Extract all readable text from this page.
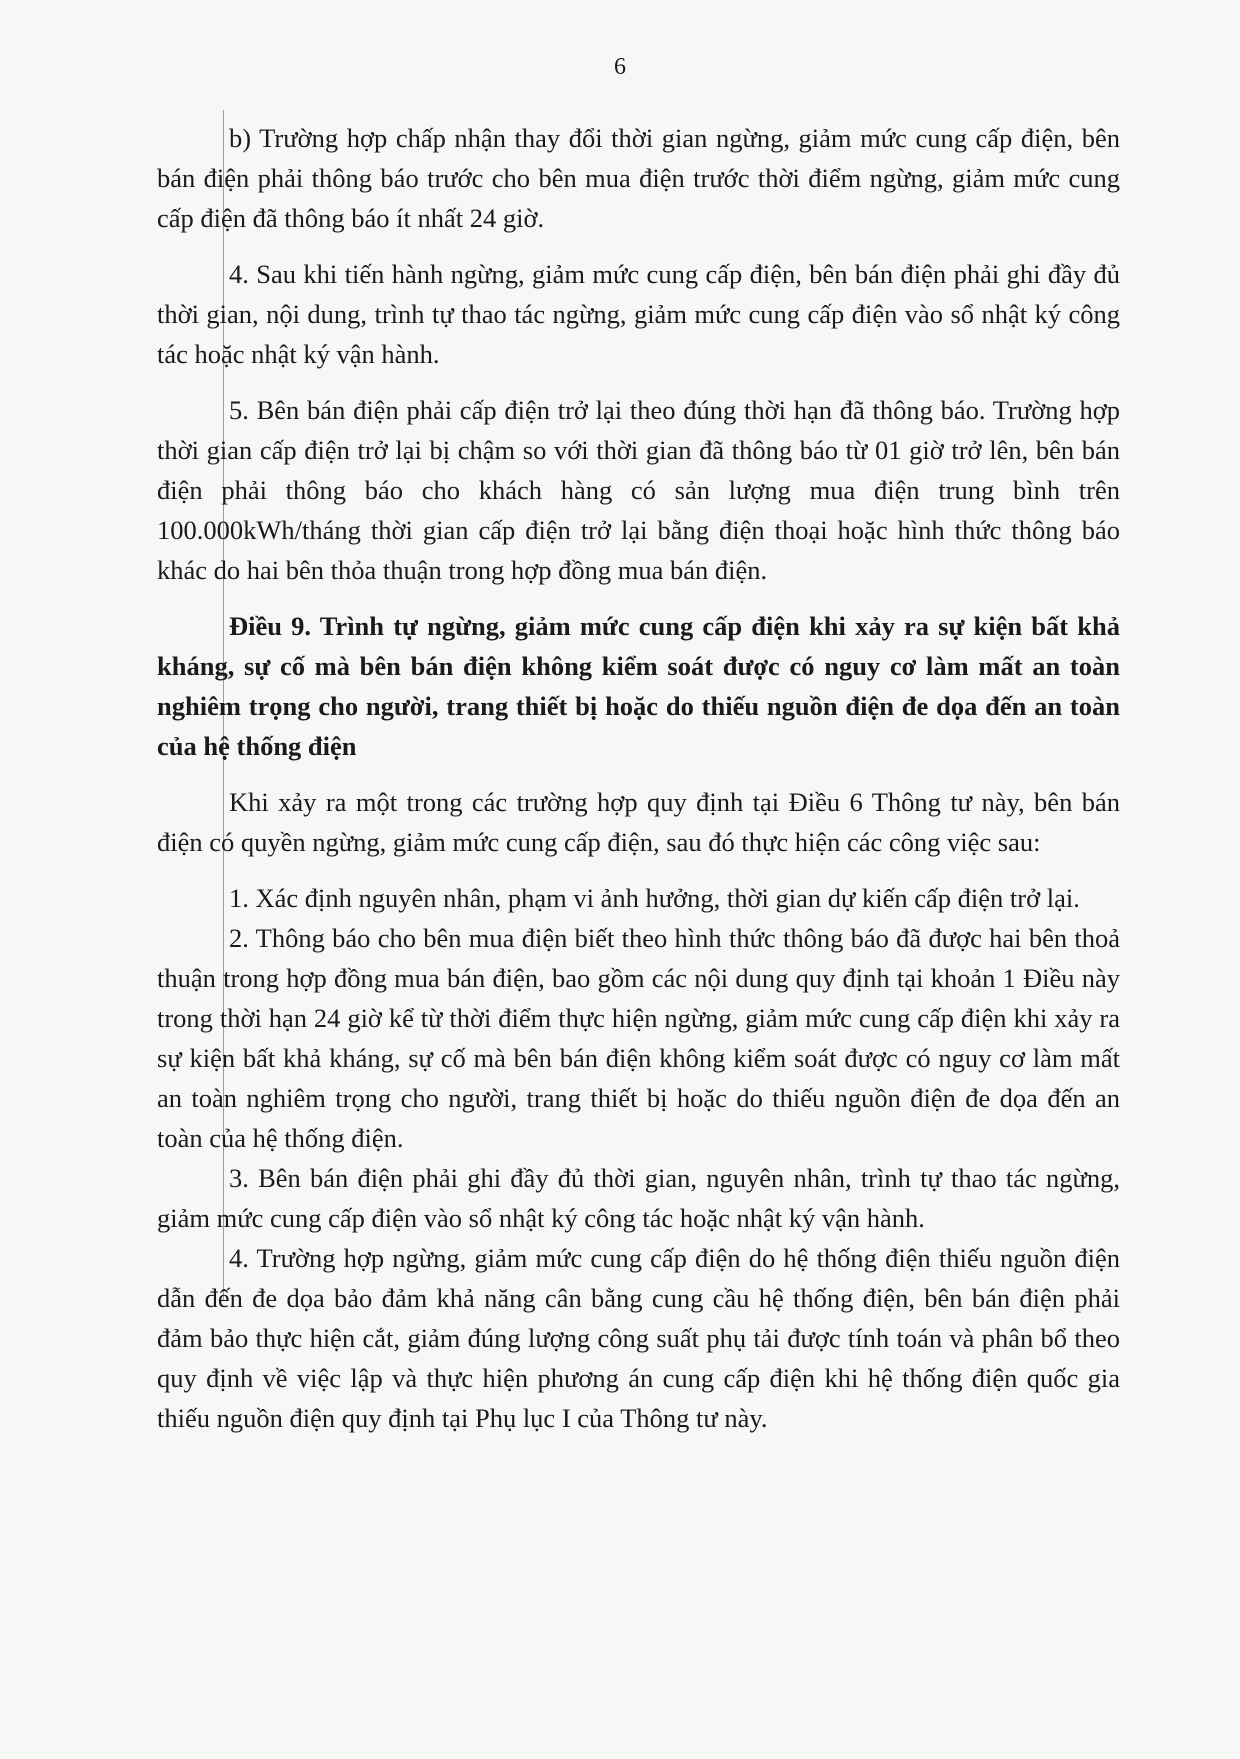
6

b) Trường hợp chấp nhận thay đổi thời gian ngừng, giảm mức cung cấp điện, bên bán điện phải thông báo trước cho bên mua điện trước thời điểm ngừng, giảm mức cung cấp điện đã thông báo ít nhất 24 giờ.

4. Sau khi tiến hành ngừng, giảm mức cung cấp điện, bên bán điện phải ghi đầy đủ thời gian, nội dung, trình tự thao tác ngừng, giảm mức cung cấp điện vào sổ nhật ký công tác hoặc nhật ký vận hành.

5. Bên bán điện phải cấp điện trở lại theo đúng thời hạn đã thông báo. Trường hợp thời gian cấp điện trở lại bị chậm so với thời gian đã thông báo từ 01 giờ trở lên, bên bán điện phải thông báo cho khách hàng có sản lượng mua điện trung bình trên 100.000kWh/tháng thời gian cấp điện trở lại bằng điện thoại hoặc hình thức thông báo khác do hai bên thỏa thuận trong hợp đồng mua bán điện.

Điều 9. Trình tự ngừng, giảm mức cung cấp điện khi xảy ra sự kiện bất khả kháng, sự cố mà bên bán điện không kiểm soát được có nguy cơ làm mất an toàn nghiêm trọng cho người, trang thiết bị hoặc do thiếu nguồn điện đe dọa đến an toàn của hệ thống điện

Khi xảy ra một trong các trường hợp quy định tại Điều 6 Thông tư này, bên bán điện có quyền ngừng, giảm mức cung cấp điện, sau đó thực hiện các công việc sau:

1. Xác định nguyên nhân, phạm vi ảnh hưởng, thời gian dự kiến cấp điện trở lại.

2. Thông báo cho bên mua điện biết theo hình thức thông báo đã được hai bên thoả thuận trong hợp đồng mua bán điện, bao gồm các nội dung quy định tại khoản 1 Điều này trong thời hạn 24 giờ kể từ thời điểm thực hiện ngừng, giảm mức cung cấp điện khi xảy ra sự kiện bất khả kháng, sự cố mà bên bán điện không kiểm soát được có nguy cơ làm mất an toàn nghiêm trọng cho người, trang thiết bị hoặc do thiếu nguồn điện đe dọa đến an toàn của hệ thống điện.

3. Bên bán điện phải ghi đầy đủ thời gian, nguyên nhân, trình tự thao tác ngừng, giảm mức cung cấp điện vào sổ nhật ký công tác hoặc nhật ký vận hành.

4. Trường hợp ngừng, giảm mức cung cấp điện do hệ thống điện thiếu nguồn điện dẫn đến đe dọa bảo đảm khả năng cân bằng cung cầu hệ thống điện, bên bán điện phải đảm bảo thực hiện cắt, giảm đúng lượng công suất phụ tải được tính toán và phân bổ theo quy định về việc lập và thực hiện phương án cung cấp điện khi hệ thống điện quốc gia thiếu nguồn điện quy định tại Phụ lục I của Thông tư này.
